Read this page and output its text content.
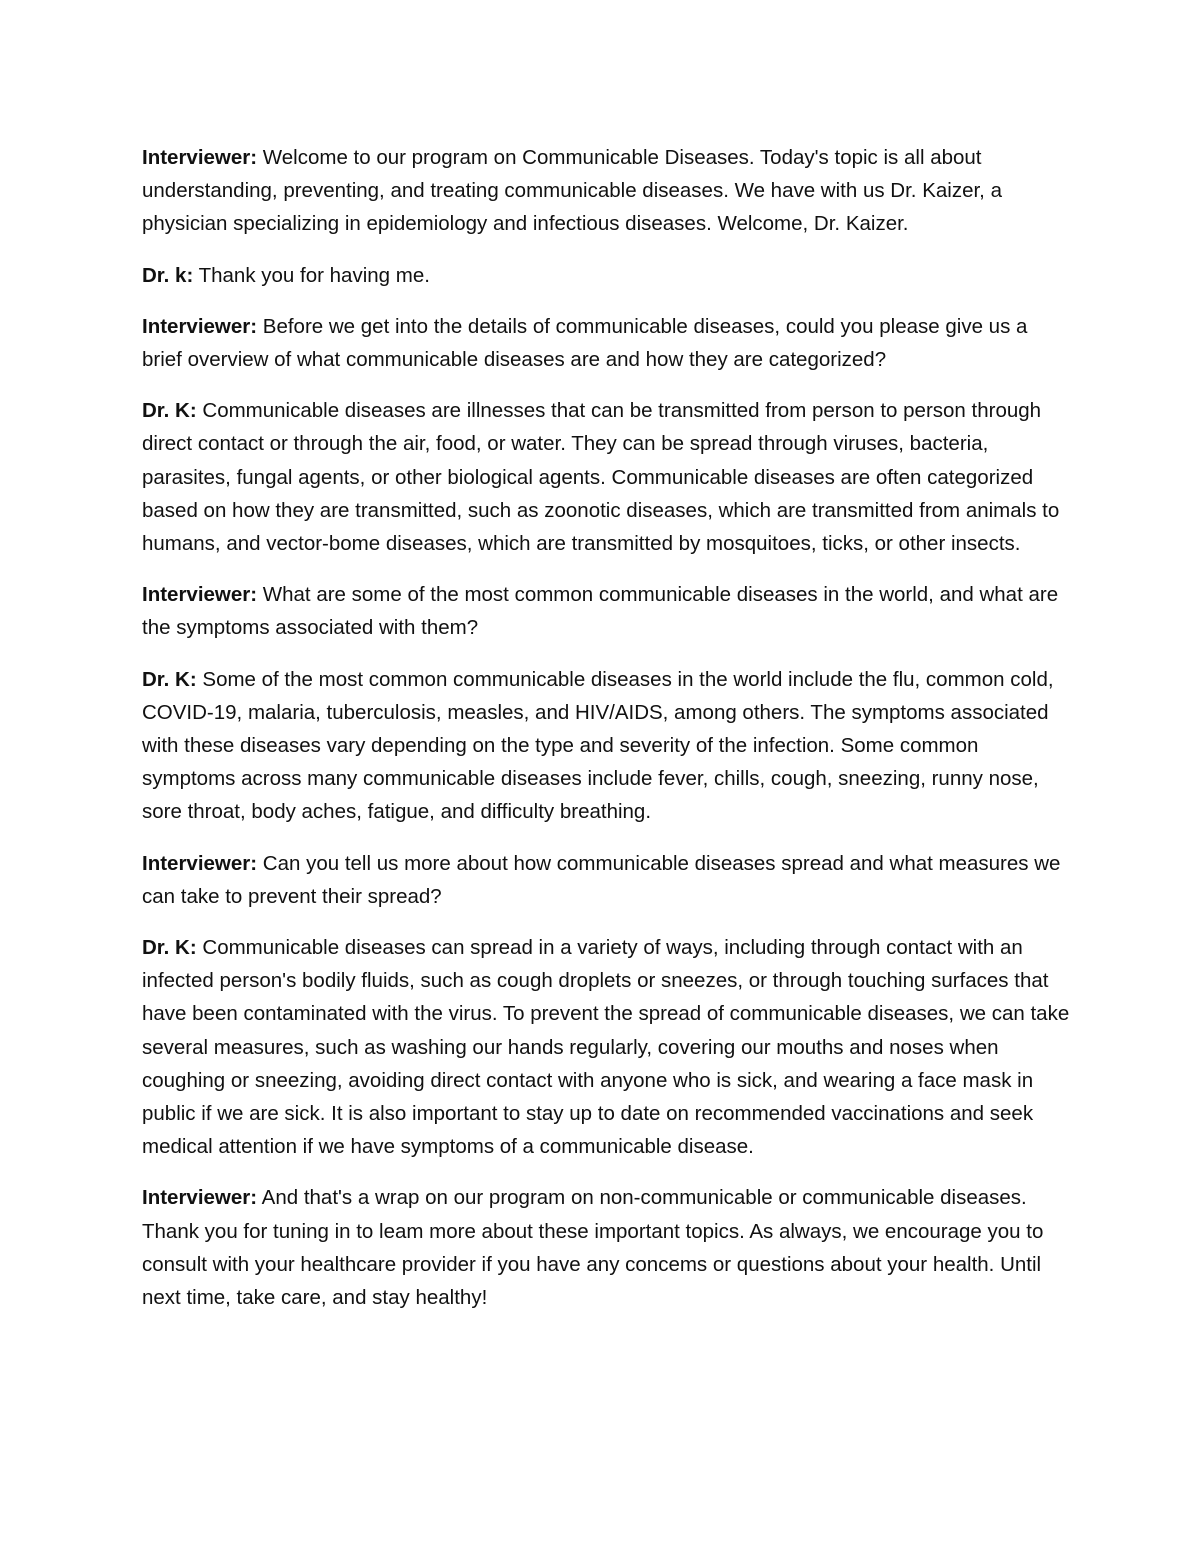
Interviewer: Welcome to our program on Communicable Diseases. Today's topic is all about understanding, preventing, and treating communicable diseases. We have with us Dr. Kaizer, a physician specializing in epidemiology and infectious diseases. Welcome, Dr. Kaizer.

Dr. k: Thank you for having me.

Interviewer: Before we get into the details of communicable diseases, could you please give us a brief overview of what communicable diseases are and how they are categorized?

Dr. K: Communicable diseases are illnesses that can be transmitted from person to person through direct contact or through the air, food, or water. They can be spread through viruses, bacteria, parasites, fungal agents, or other biological agents. Communicable diseases are often categorized based on how they are transmitted, such as zoonotic diseases, which are transmitted from animals to humans, and vector-bome diseases, which are transmitted by mosquitoes, ticks, or other insects.

Interviewer: What are some of the most common communicable diseases in the world, and what are the symptoms associated with them?

Dr. K: Some of the most common communicable diseases in the world include the flu, common cold, COVID-19, malaria, tuberculosis, measles, and HIV/AIDS, among others. The symptoms associated with these diseases vary depending on the type and severity of the infection. Some common symptoms across many communicable diseases include fever, chills, cough, sneezing, runny nose, sore throat, body aches, fatigue, and difficulty breathing.

Interviewer: Can you tell us more about how communicable diseases spread and what measures we can take to prevent their spread?

Dr. K: Communicable diseases can spread in a variety of ways, including through contact with an infected person's bodily fluids, such as cough droplets or sneezes, or through touching surfaces that have been contaminated with the virus. To prevent the spread of communicable diseases, we can take several measures, such as washing our hands regularly, covering our mouths and noses when coughing or sneezing, avoiding direct contact with anyone who is sick, and wearing a face mask in public if we are sick. It is also important to stay up to date on recommended vaccinations and seek medical attention if we have symptoms of a communicable disease.

Interviewer: And that's a wrap on our program on non-communicable or communicable diseases. Thank you for tuning in to leam more about these important topics. As always, we encourage you to consult with your healthcare provider if you have any concems or questions about your health. Until next time, take care, and stay healthy!
